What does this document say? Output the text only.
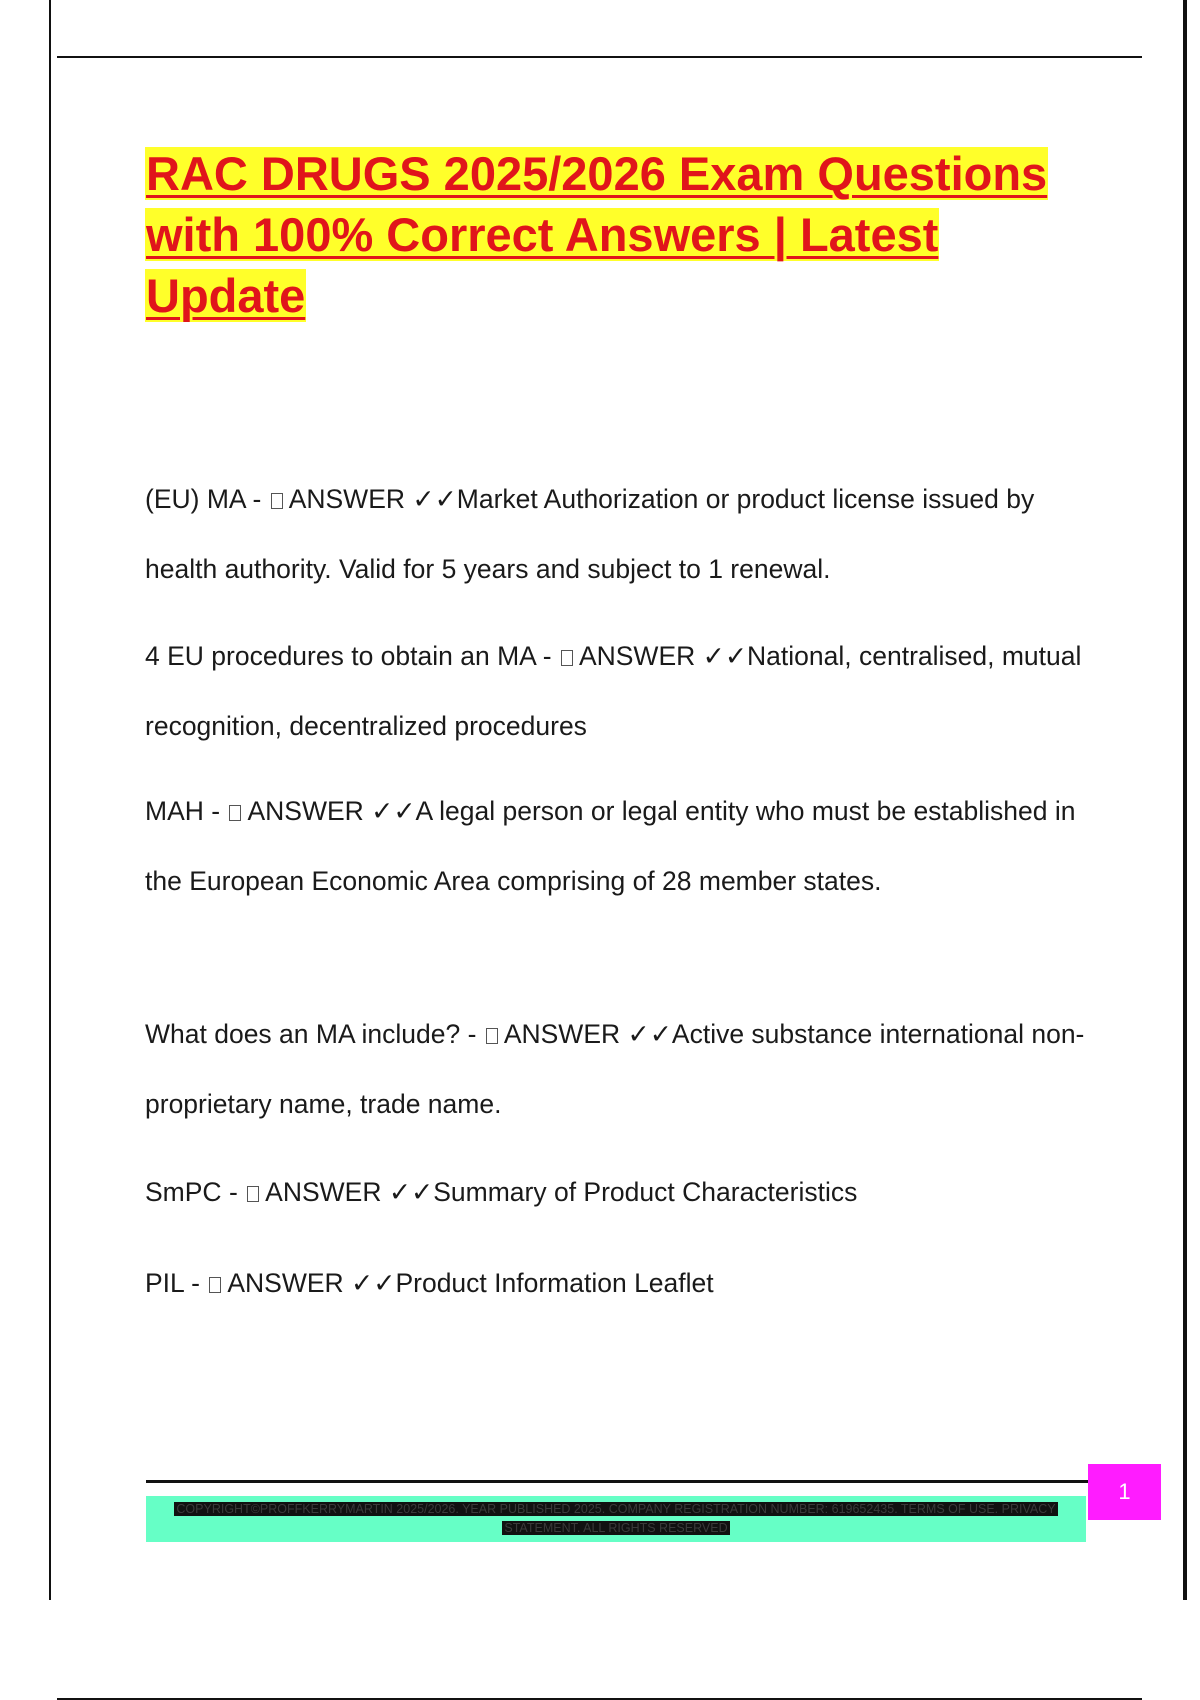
RAC DRUGS 2025/2026 Exam Questions with 100% Correct Answers | Latest Update

(EU) MA - ANSWER ✓✓Market Authorization or product license issued by health authority. Valid for 5 years and subject to 1 renewal.

4 EU procedures to obtain an MA - ANSWER ✓✓National, centralised, mutual recognition, decentralized procedures

MAH - ANSWER ✓✓A legal person or legal entity who must be established in the European Economic Area comprising of 28 member states.

What does an MA include? - ANSWER ✓✓Active substance international non-proprietary name, trade name.

SmPC - ANSWER ✓✓Summary of Product Characteristics

PIL - ANSWER ✓✓Product Information Leaflet

COPYRIGHT©PROFFKERRYMARTIN 2025/2026. YEAR PUBLISHED 2025. COMPANY REGISTRATION NUMBER: 619652435. TERMS OF USE. PRIVACY STATEMENT. ALL RIGHTS RESERVED
1
